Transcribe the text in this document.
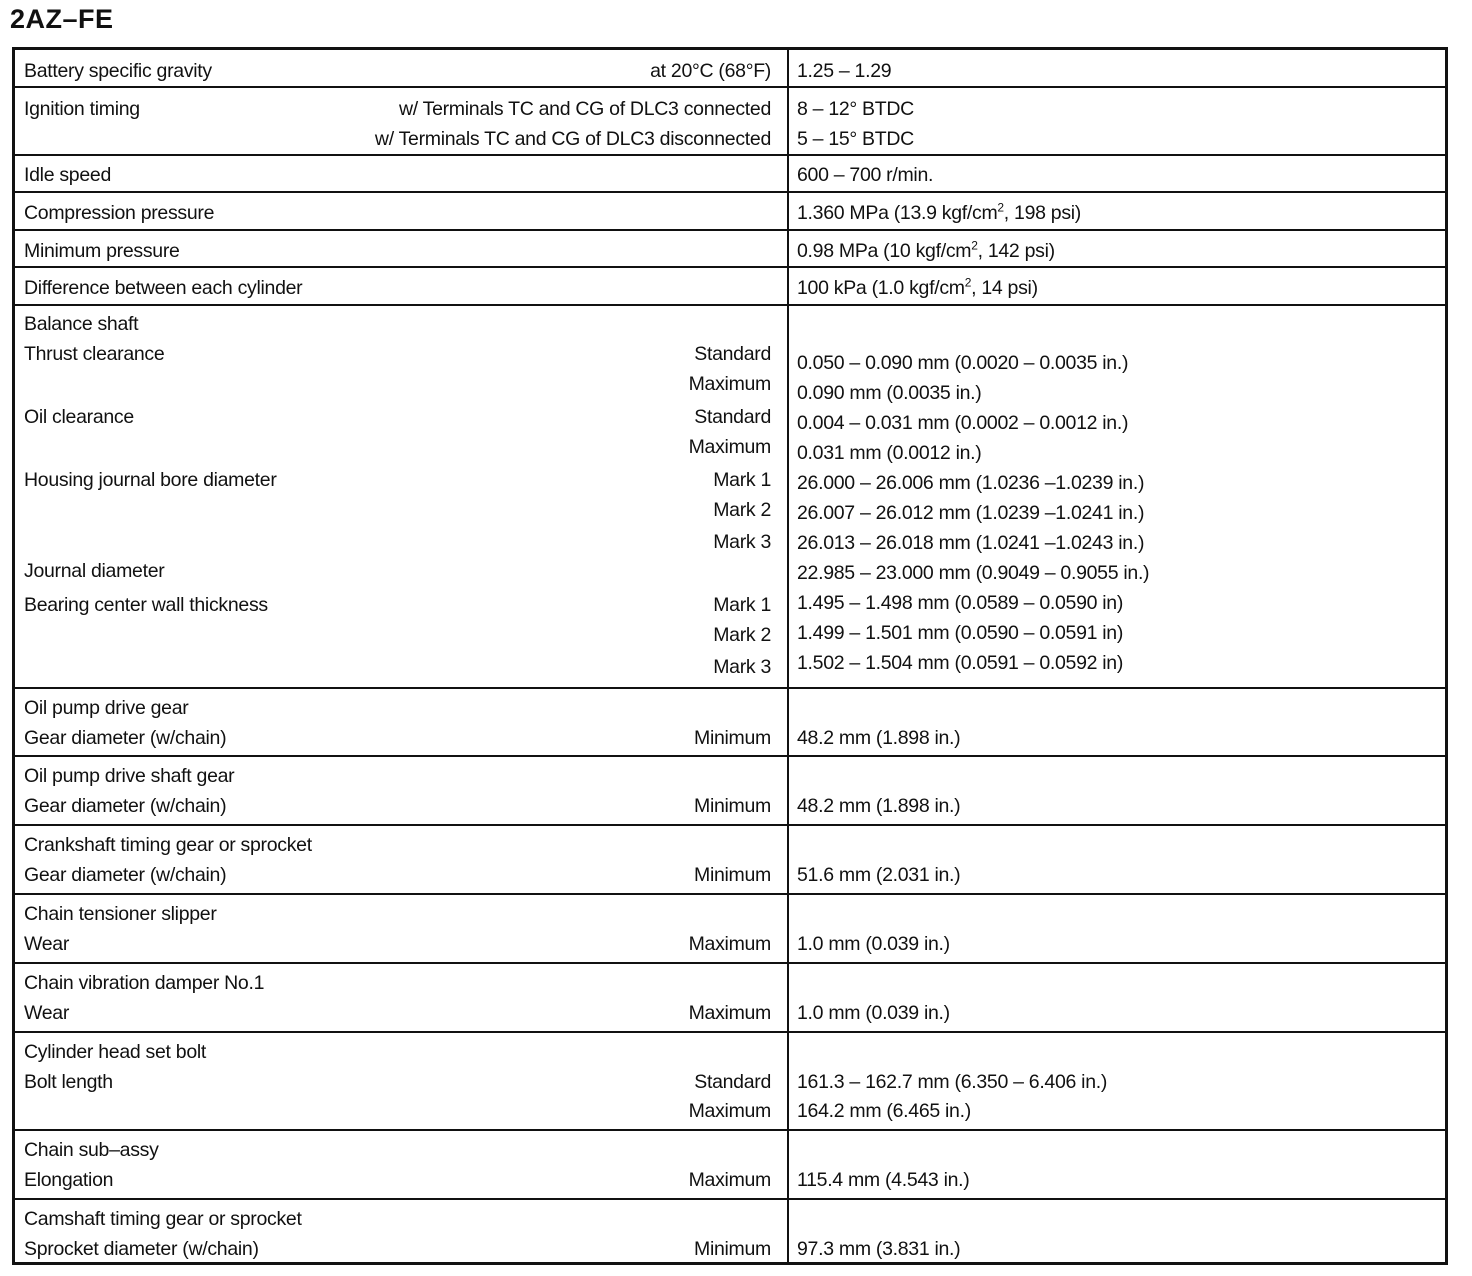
2AZ–FE
Battery specific gravity	at 20°C (68°F) 1.25 – 1.29
Ignition timing	w/ Terminals TC and CG of DLC3 connected 8 – 12° BTDC
w/ Terminals TC and CG of DLC3 disconnected 5 – 15° BTDC
Idle speed	600 – 700 r/min.
Compression pressure	1.360 MPa (13.9 kgf/$cm^2$, 198 psi)
Minimum pressure	0.98 MPa (10 kgf/$cm^2$, 142 psi)
Difference between each cylinder	100 kPa (1.0 kgf/$cm^2$, 14 psi)
Balance shaft
Thrust clearance	Standard 0.050 – 0.090 mm (0.0020 – 0.0035 in.)
Maximum 0.090 mm (0.0035 in.)
Oil clearance	Standard 0.004 – 0.031 mm (0.0002 – 0.0012 in.)
Maximum 0.031 mm (0.0012 in.)
Housing journal bore diameter	Mark 1 26.000 – 26.006 mm (1.0236 –1.0239 in.)
Mark 2 26.007 – 26.012 mm (1.0239 –1.0241 in.)
Mark 3 26.013 – 26.018 mm (1.0241 –1.0243 in.)
Journal diameter	22.985 – 23.000 mm (0.9049 – 0.9055 in.)
Bearing center wall thickness	Mark 1 1.495 – 1.498 mm (0.0589 – 0.0590 in)
Mark 2 1.499 – 1.501 mm (0.0590 – 0.0591 in)
Mark 3 1.502 – 1.504 mm (0.0591 – 0.0592 in)
Oil pump drive gear
Gear diameter (w/chain)	Minimum 48.2 mm (1.898 in.)
Oil pump drive shaft gear
Gear diameter (w/chain)	Minimum 48.2 mm (1.898 in.)
Crankshaft timing gear or sprocket
Gear diameter (w/chain)	Minimum 51.6 mm (2.031 in.)
Chain tensioner slipper
Wear	Maximum 1.0 mm (0.039 in.)
Chain vibration damper No.1
Wear	Maximum 1.0 mm (0.039 in.)
Cylinder head set bolt
Bolt length	Standard 161.3 – 162.7 mm (6.350 – 6.406 in.)
Maximum 164.2 mm (6.465 in.)
Chain sub–assy
Elongation	Maximum 115.4 mm (4.543 in.)
Camshaft timing gear or sprocket
Sprocket diameter (w/chain)	Minimum 97.3 mm (3.831 in.)
